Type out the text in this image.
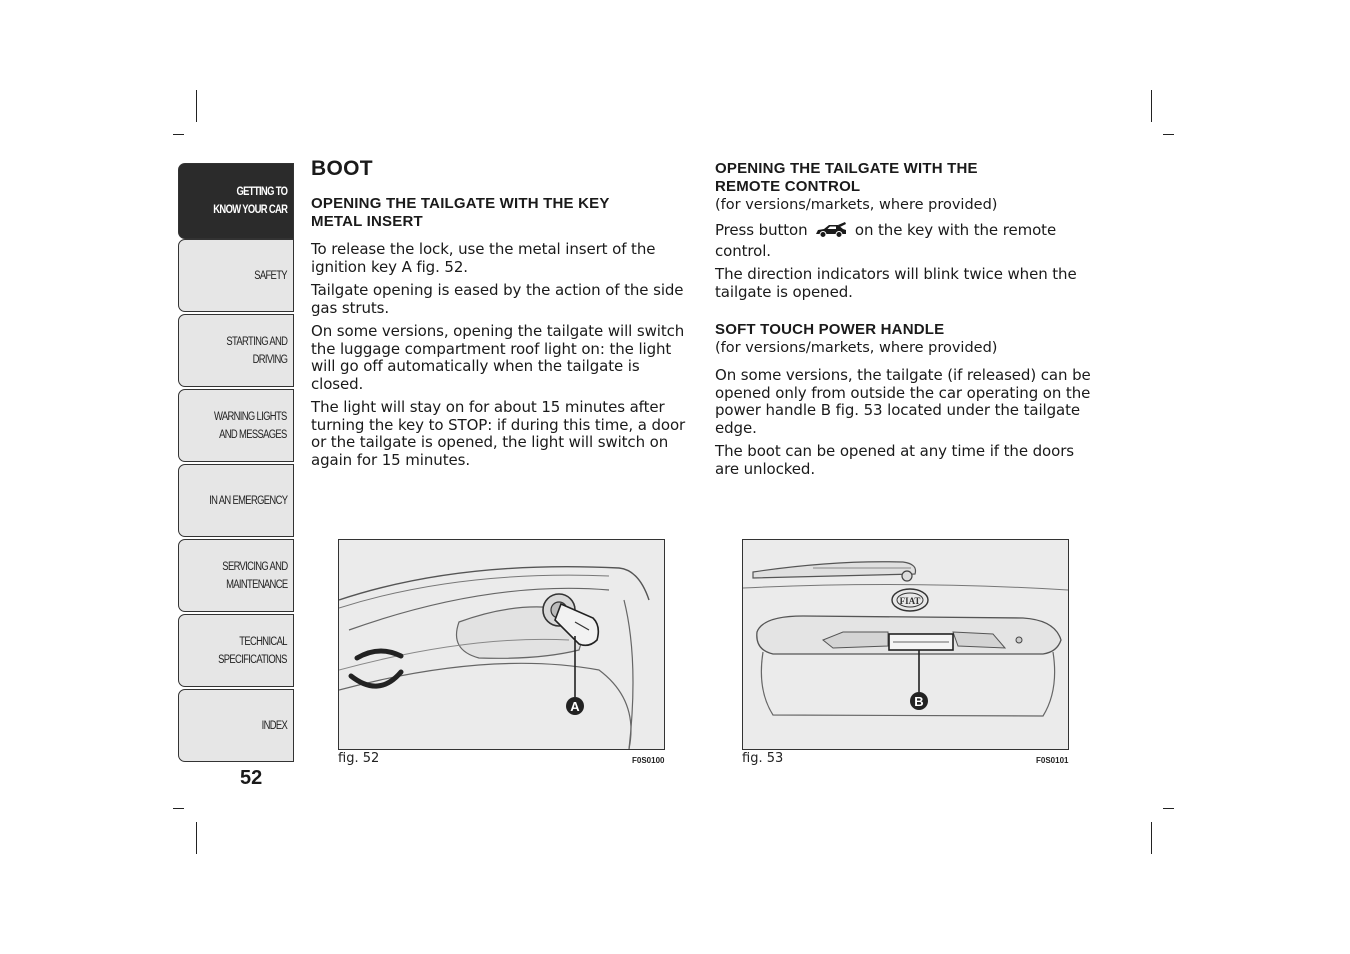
GETTING TO
KNOW YOUR CAR
SAFETY
STARTING AND
DRIVING
WARNING LIGHTS
AND MESSAGES
IN AN EMERGENCY
SERVICING AND
MAINTENANCE
TECHNICAL
SPECIFICATIONS
INDEX
52
BOOT
OPENING THE TAILGATE WITH THE KEY
METAL INSERT

To release the lock, use the metal insert of the ignition key A fig. 52.

Tailgate opening is eased by the action of the side gas struts.

On some versions, opening the tailgate will switch the luggage compartment roof light on: the light will go off automatically when the tailgate is closed.

The light will stay on for about 15 minutes after turning the key to STOP: if during this time, a door or the tailgate is opened, the light will switch on again for 15 minutes.

OPENING THE TAILGATE WITH THE
REMOTE CONTROL
(for versions/markets, where provided)

Press button	on the key with the remote control.

The direction indicators will blink twice when the tailgate is opened.

SOFT TOUCH POWER HANDLE
(for versions/markets, where provided)

On some versions, the tailgate (if released) can be opened only from outside the car operating on the power handle B fig. 53 located under the tailgate edge.

The boot can be opened at any time if the doors are unlocked.

A
fig. 52	F0S0100
FIAT
B
fig. 53	F0S0101
